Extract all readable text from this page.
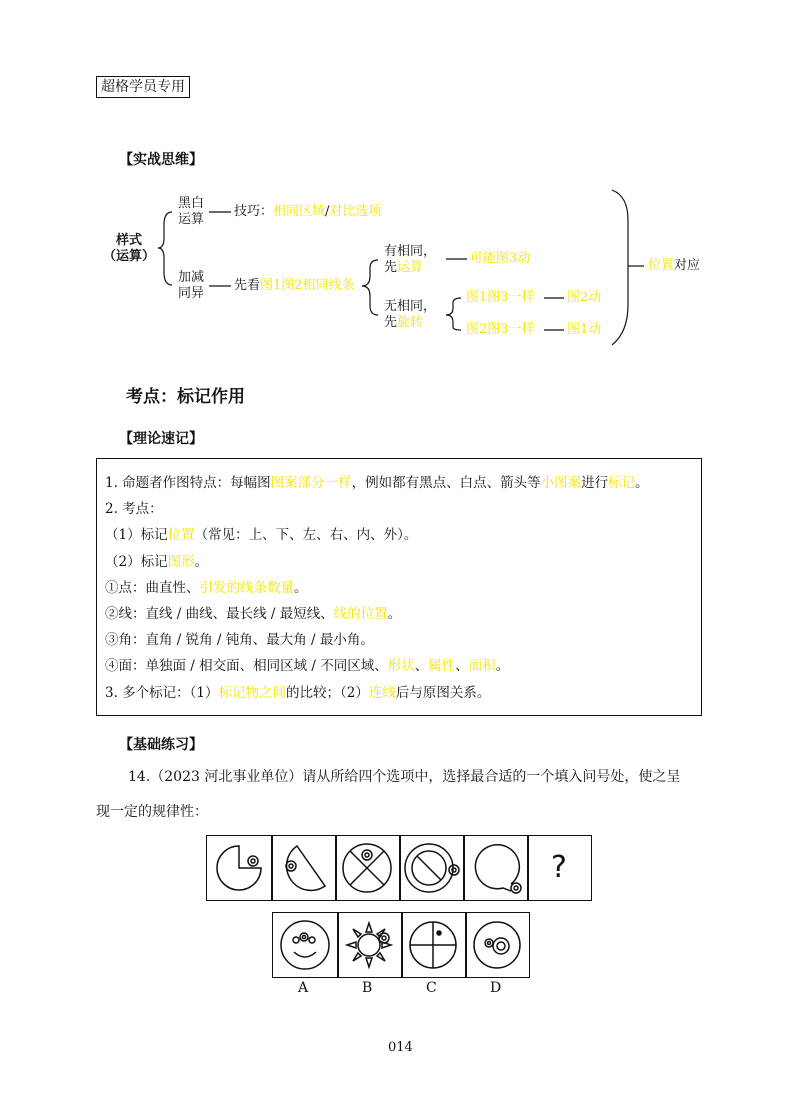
超格学员专用
【实战思维】
样式
（运算）
黑白
运算
技巧：相同区域/对比选项
加减
同异
先看图1图2相同线条
有相同，
先运算
可能图3动
无相同，
先旋转
图1图3一样 图2动
图2图3一样 图1动
位置对应
考点：标记作用
【理论速记】
1. 命题者作图特点：每幅图图案部分一样，例如都有黑点、白点、箭头等小图案进行标记。
2. 考点：
（1）标记位置（常见：上、下、左、右、内、外）。
（2）标记图形。
①点：曲直性、引发的线条数量。
②线：直线 / 曲线、最长线 / 最短线、线的位置。
③角：直角 / 锐角 / 钝角、最大角 / 最小角。
④面：单独面 / 相交面、相同区域 / 不同区域、形状、属性、面积。
3. 多个标记：（1）标记物之间的比较；（2）连线后与原图关系。
【基础练习】
14.（2023 河北事业单位）请从所给四个选项中，选择最合适的一个填入问号处，使之呈
现一定的规律性：
?
A	B	C	D
014
